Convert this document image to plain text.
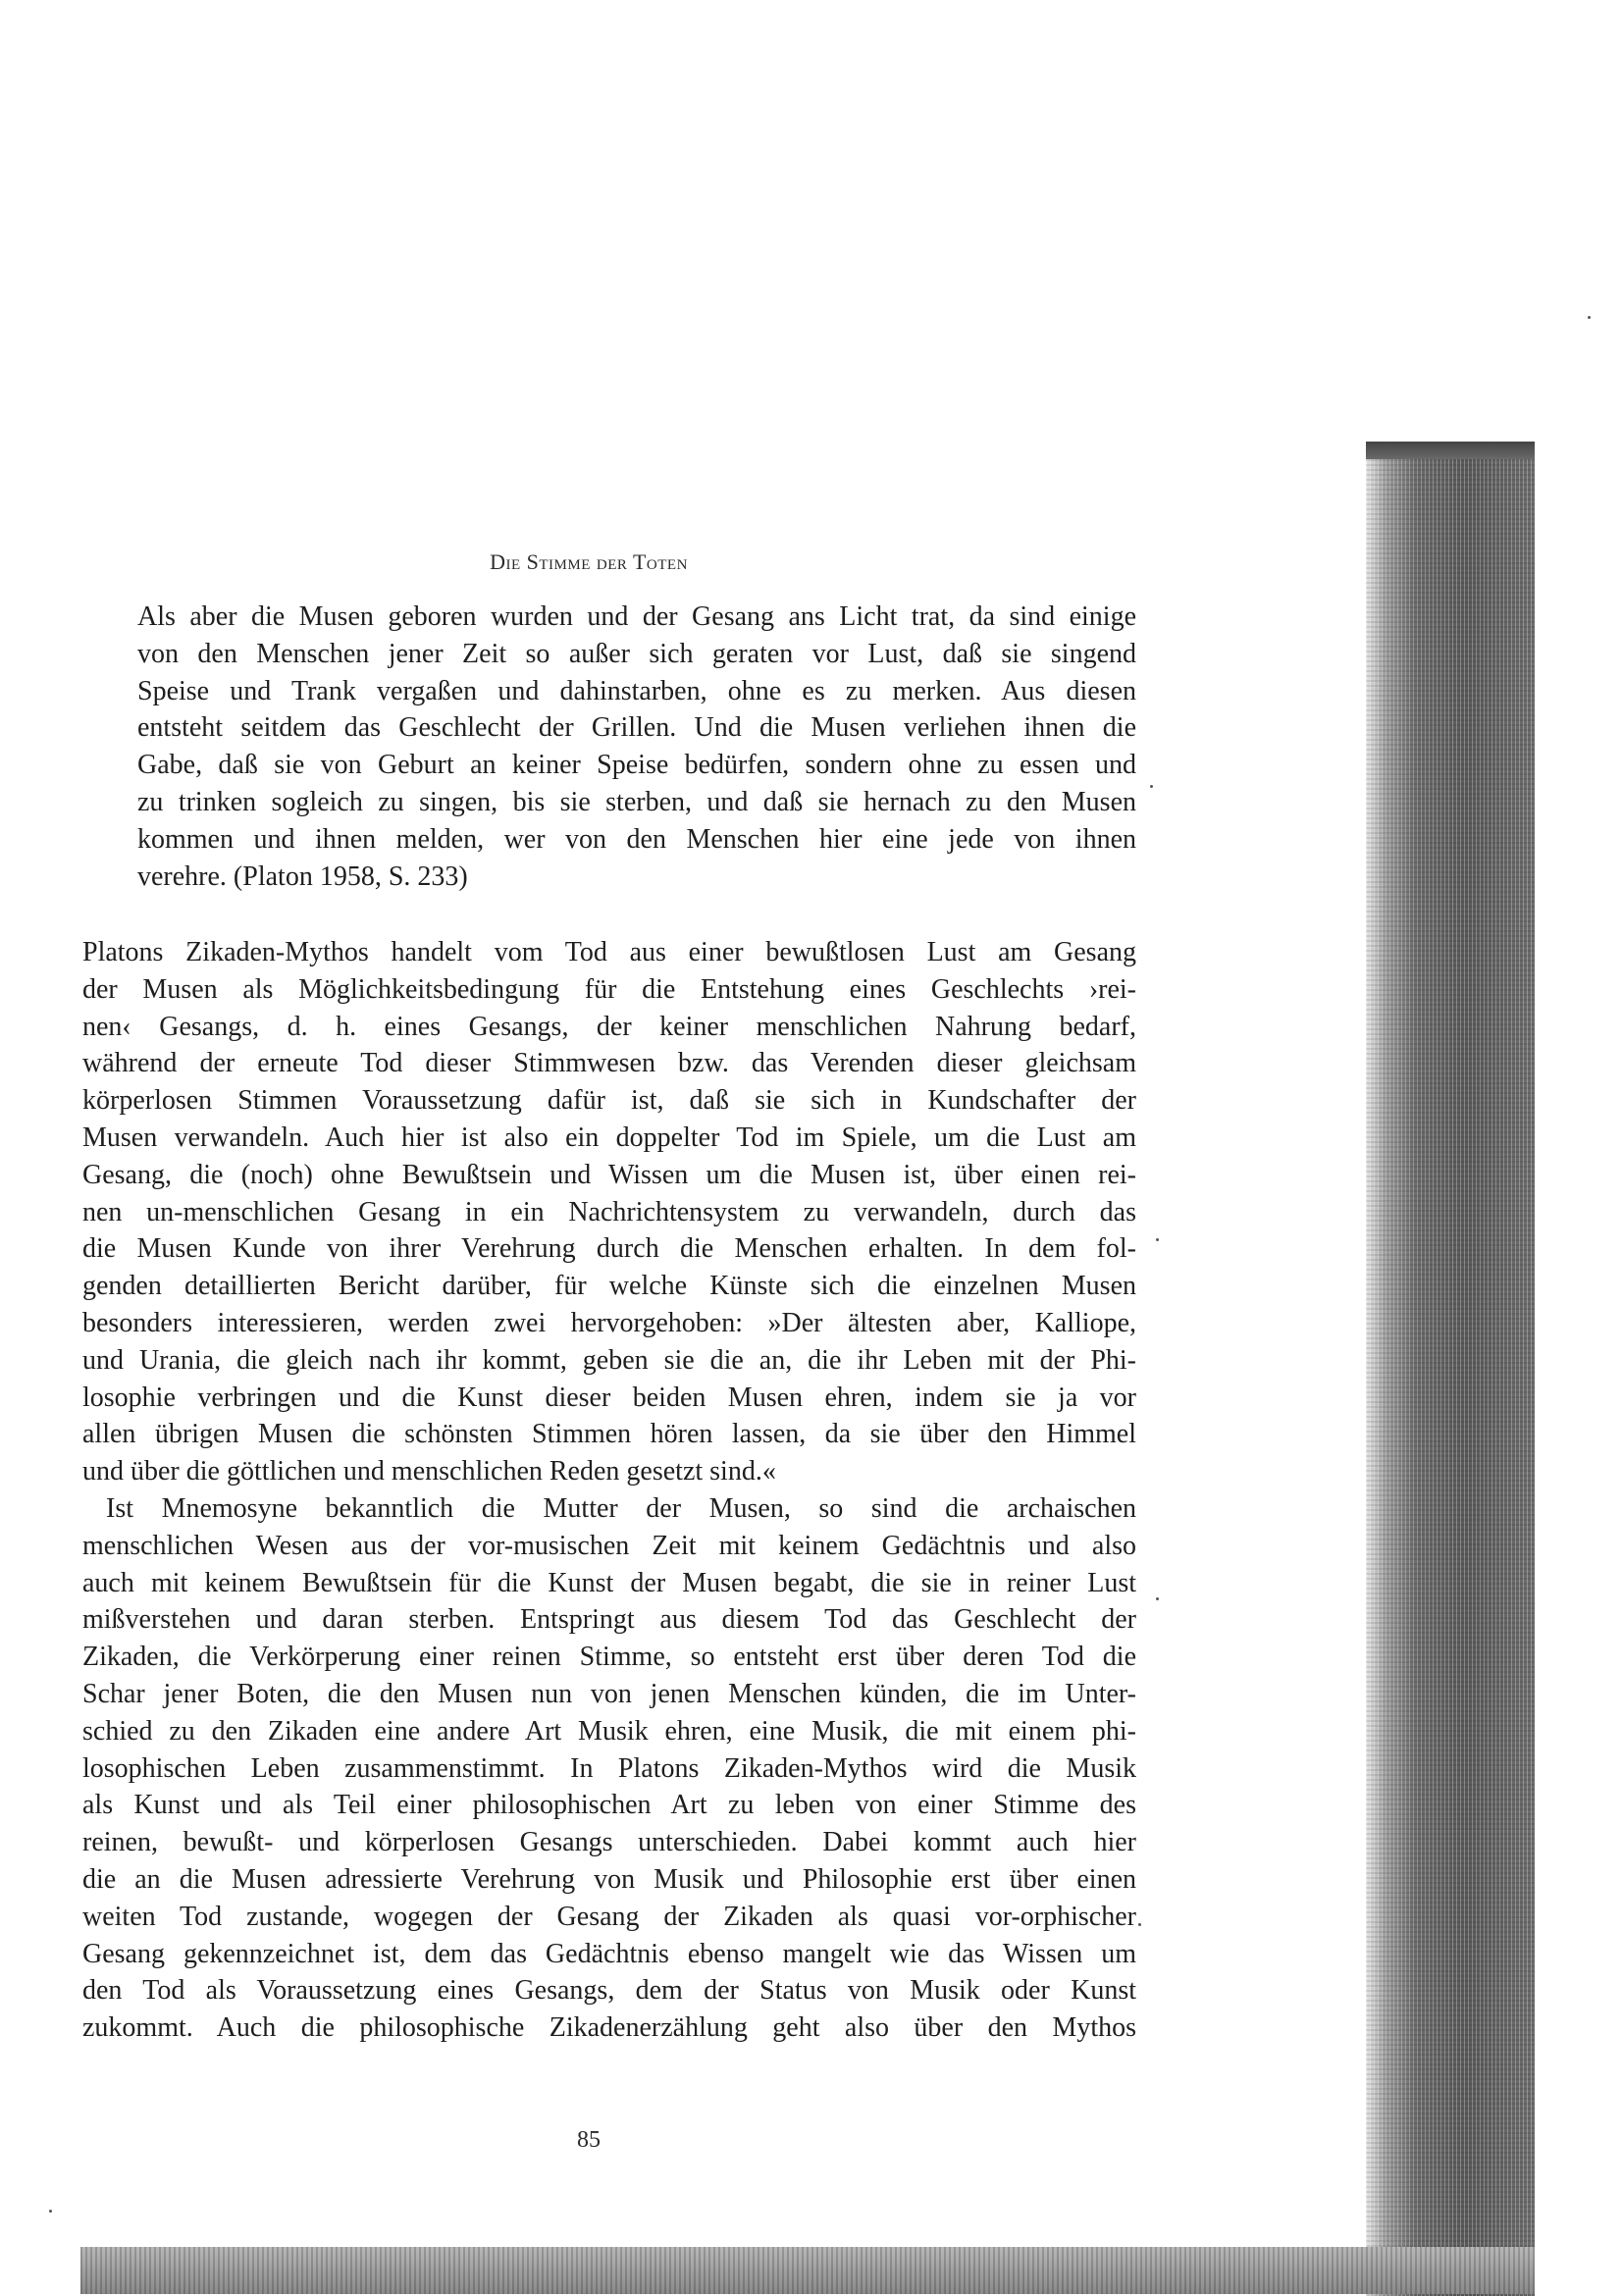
Die Stimme der Toten
Als aber die Musen geboren wurden und der Gesang ans Licht trat, da sind einige
von den Menschen jener Zeit so außer sich geraten vor Lust, daß sie singend
Speise und Trank vergaßen und dahinstarben, ohne es zu merken. Aus diesen
entsteht seitdem das Geschlecht der Grillen. Und die Musen verliehen ihnen die
Gabe, daß sie von Geburt an keiner Speise bedürfen, sondern ohne zu essen und
zu trinken sogleich zu singen, bis sie sterben, und daß sie hernach zu den Musen
kommen und ihnen melden, wer von den Menschen hier eine jede von ihnen
verehre. (Platon 1958, S. 233)
Platons Zikaden-Mythos handelt vom Tod aus einer bewußtlosen Lust am Gesang
der Musen als Möglichkeitsbedingung für die Entstehung eines Geschlechts ›rei-
nen‹ Gesangs, d. h. eines Gesangs, der keiner menschlichen Nahrung bedarf,
während der erneute Tod dieser Stimmwesen bzw. das Verenden dieser gleichsam
körperlosen Stimmen Voraussetzung dafür ist, daß sie sich in Kundschafter der
Musen verwandeln. Auch hier ist also ein doppelter Tod im Spiele, um die Lust am
Gesang, die (noch) ohne Bewußtsein und Wissen um die Musen ist, über einen rei-
nen un-menschlichen Gesang in ein Nachrichtensystem zu verwandeln, durch das
die Musen Kunde von ihrer Verehrung durch die Menschen erhalten. In dem fol-
genden detaillierten Bericht darüber, für welche Künste sich die einzelnen Musen
besonders interessieren, werden zwei hervorgehoben: »Der ältesten aber, Kalliope,
und Urania, die gleich nach ihr kommt, geben sie die an, die ihr Leben mit der Phi-
losophie verbringen und die Kunst dieser beiden Musen ehren, indem sie ja vor
allen übrigen Musen die schönsten Stimmen hören lassen, da sie über den Himmel
und über die göttlichen und menschlichen Reden gesetzt sind.«
Ist Mnemosyne bekanntlich die Mutter der Musen, so sind die archaischen
menschlichen Wesen aus der vor-musischen Zeit mit keinem Gedächtnis und also
auch mit keinem Bewußtsein für die Kunst der Musen begabt, die sie in reiner Lust
mißverstehen und daran sterben. Entspringt aus diesem Tod das Geschlecht der
Zikaden, die Verkörperung einer reinen Stimme, so entsteht erst über deren Tod die
Schar jener Boten, die den Musen nun von jenen Menschen künden, die im Unter-
schied zu den Zikaden eine andere Art Musik ehren, eine Musik, die mit einem phi-
losophischen Leben zusammenstimmt. In Platons Zikaden-Mythos wird die Musik
als Kunst und als Teil einer philosophischen Art zu leben von einer Stimme des
reinen, bewußt- und körperlosen Gesangs unterschieden. Dabei kommt auch hier
die an die Musen adressierte Verehrung von Musik und Philosophie erst über einen
weiten Tod zustande, wogegen der Gesang der Zikaden als quasi vor-orphischer
Gesang gekennzeichnet ist, dem das Gedächtnis ebenso mangelt wie das Wissen um
den Tod als Voraussetzung eines Gesangs, dem der Status von Musik oder Kunst
zukommt. Auch die philosophische Zikadenerzählung geht also über den Mythos
85
